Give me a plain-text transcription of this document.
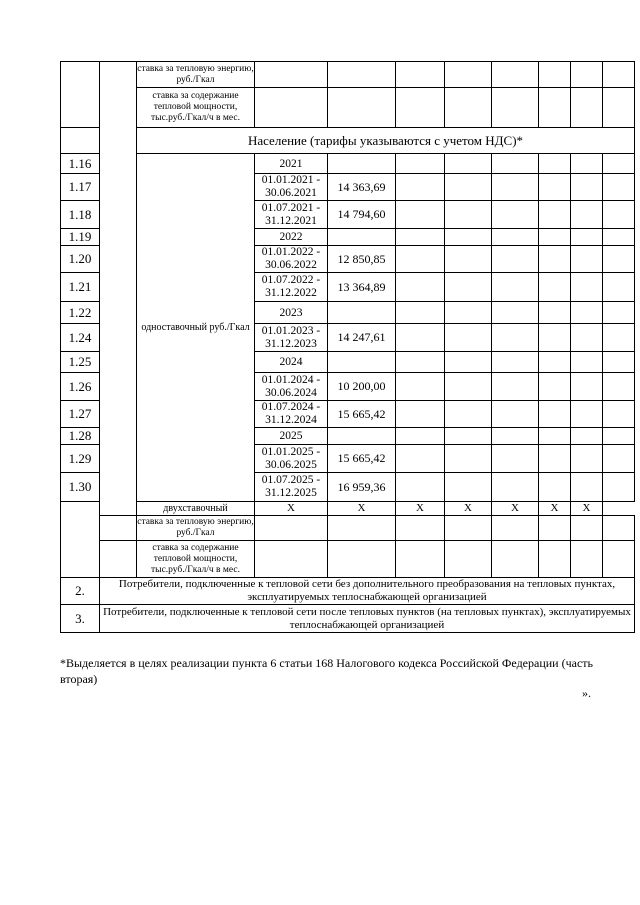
		ставка за тепловую энергию, руб./Гкал								
		ставка за содержание тепловой мощности, тыс.руб./Гкал/ч в мес.								
		Население (тарифы указываются с учетом НДС)*								
1.16		одноставочный руб./Гкал	2021							
1.17			01.01.2021 - 30.06.2021	14 363,69						
1.18			01.07.2021 - 31.12.2021	14 794,60						
1.19			2022							
1.20			01.01.2022 - 30.06.2022	12 850,85						
1.21			01.07.2022 - 31.12.2022	13 364,89						
1.22			2023							
1.24			01.01.2023 - 31.12.2023	14 247,61						
1.25			2024							
1.26			01.01.2024 - 30.06.2024	10 200,00						
1.27			01.07.2024 - 31.12.2024	15 665,42						
1.28			2025							
1.29			01.01.2025 - 30.06.2025	15 665,42						
1.30			01.07.2025 - 31.12.2025	16 959,36						
		двухставочный	Х	Х	Х	Х	Х	Х	Х	
		ставка за тепловую энергию, руб./Гкал								
		ставка за содержание тепловой мощности, тыс.руб./Гкал/ч в мес.								
2.	Потребители, подключенные к тепловой сети без дополнительного преобразования на тепловых пунктах, эксплуатируемых теплоснабжающей организацией									
3.	Потребители, подключенные к тепловой сети после тепловых пунктов (на тепловых пунктах), эксплуатируемых теплоснабжающей организацией									
*Выделяется в целях реализации пункта 6 статьи 168 Налогового кодекса Российской Федерации (часть вторая)
».
